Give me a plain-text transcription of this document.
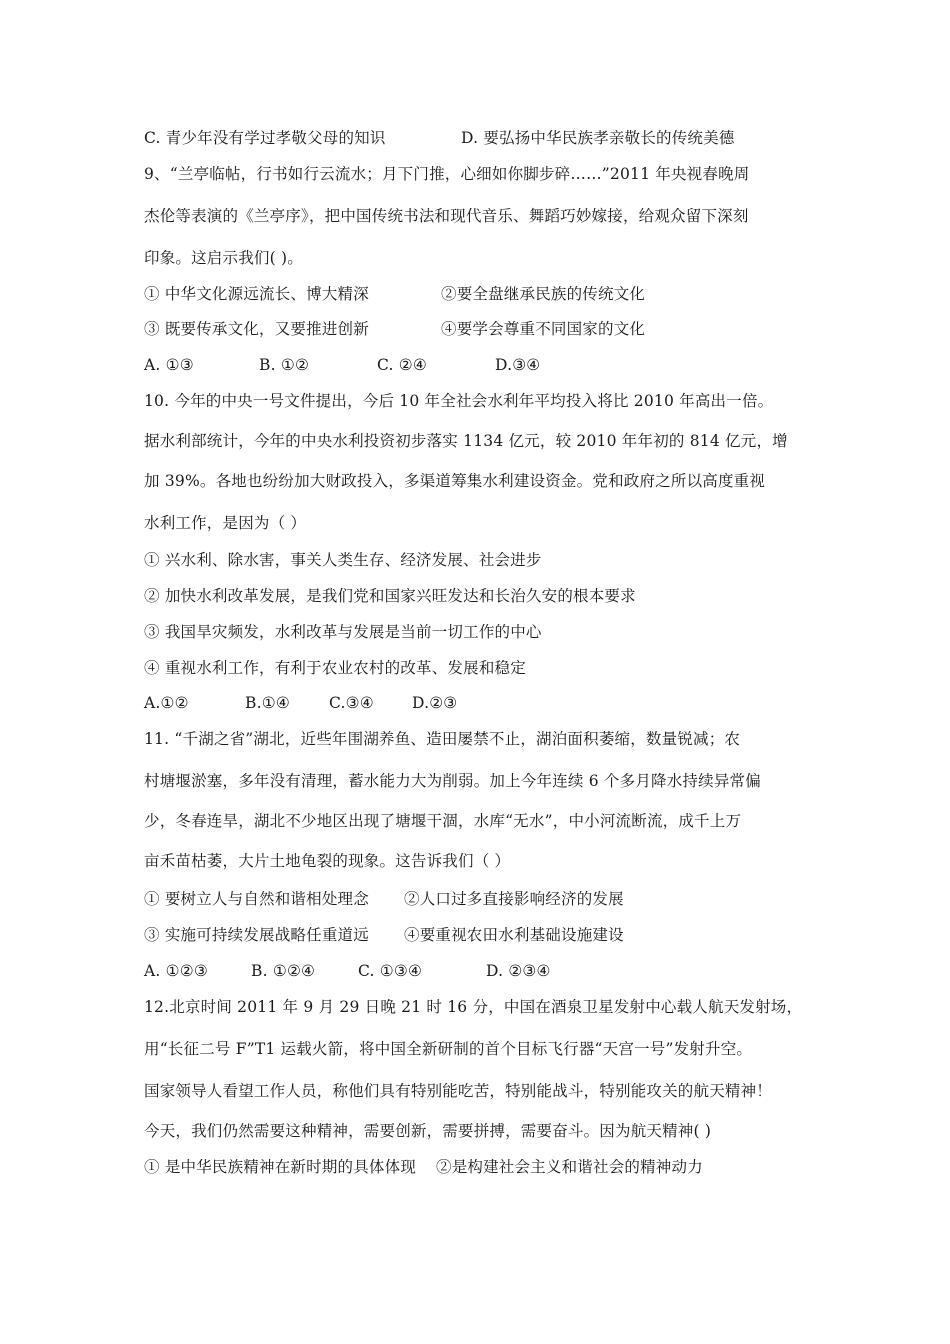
C. 青少年没有学过孝敬父母的知识	D. 要弘扬中华民族孝亲敬长的传统美德
9、“兰亭临帖，行书如行云流水；月下门推，心细如你脚步碎……”2011 年央视春晚周
杰伦等表演的《兰亭序》，把中国传统书法和现代音乐、舞蹈巧妙嫁接，给观众留下深刻
印象。这启示我们( )。
① 中华文化源远流长、博大精深	②要全盘继承民族的传统文化
③ 既要传承文化，又要推进创新	④要学会尊重不同国家的文化
A. ①③	B. ①②	C. ②④	D.③④
10. 今年的中央一号文件提出，今后 10 年全社会水利年平均投入将比 2010 年高出一倍。
据水利部统计，今年的中央水利投资初步落实 1134 亿元，较 2010 年年初的 814 亿元，增
加 39%。各地也纷纷加大财政投入，多渠道筹集水利建设资金。党和政府之所以高度重视
水利工作，是因为（ ）
① 兴水利、除水害，事关人类生存、经济发展、社会进步
② 加快水利改革发展，是我们党和国家兴旺发达和长治久安的根本要求
③ 我国旱灾频发，水利改革与发展是当前一切工作的中心
④ 重视水利工作，有利于农业农村的改革、发展和稳定
A.①②	B.①④	C.③④ D.②③
11. “千湖之省”湖北，近些年围湖养鱼、造田屡禁不止，湖泊面积萎缩，数量锐减；农
村塘堰淤塞，多年没有清理，蓄水能力大为削弱。加上今年连续 6 个多月降水持续异常偏
少，冬春连旱，湖北不少地区出现了塘堰干涸，水库“无水”，中小河流断流，成千上万
亩禾苗枯萎，大片土地龟裂的现象。这告诉我们（ ）
① 要树立人与自然和谐相处理念 ②人口过多直接影响经济的发展
③ 实施可持续发展战略任重道远 ④要重视农田水利基础设施建设
A. ①②③	B. ①②④	C. ①③④	D. ②③④
12.北京时间 2011 年 9 月 29 日晚 21 时 16 分，中国在酒泉卫星发射中心载人航天发射场，
用“长征二号 F”T1 运载火箭，将中国全新研制的首个目标飞行器“天宫一号”发射升空。
国家领导人看望工作人员，称他们具有特别能吃苦，特别能战斗，特别能攻关的航天精神！
今天，我们仍然需要这种精神，需要创新，需要拼搏，需要奋斗。因为航天精神( )
① 是中华民族精神在新时期的具体体现 ②是构建社会主义和谐社会的精神动力
